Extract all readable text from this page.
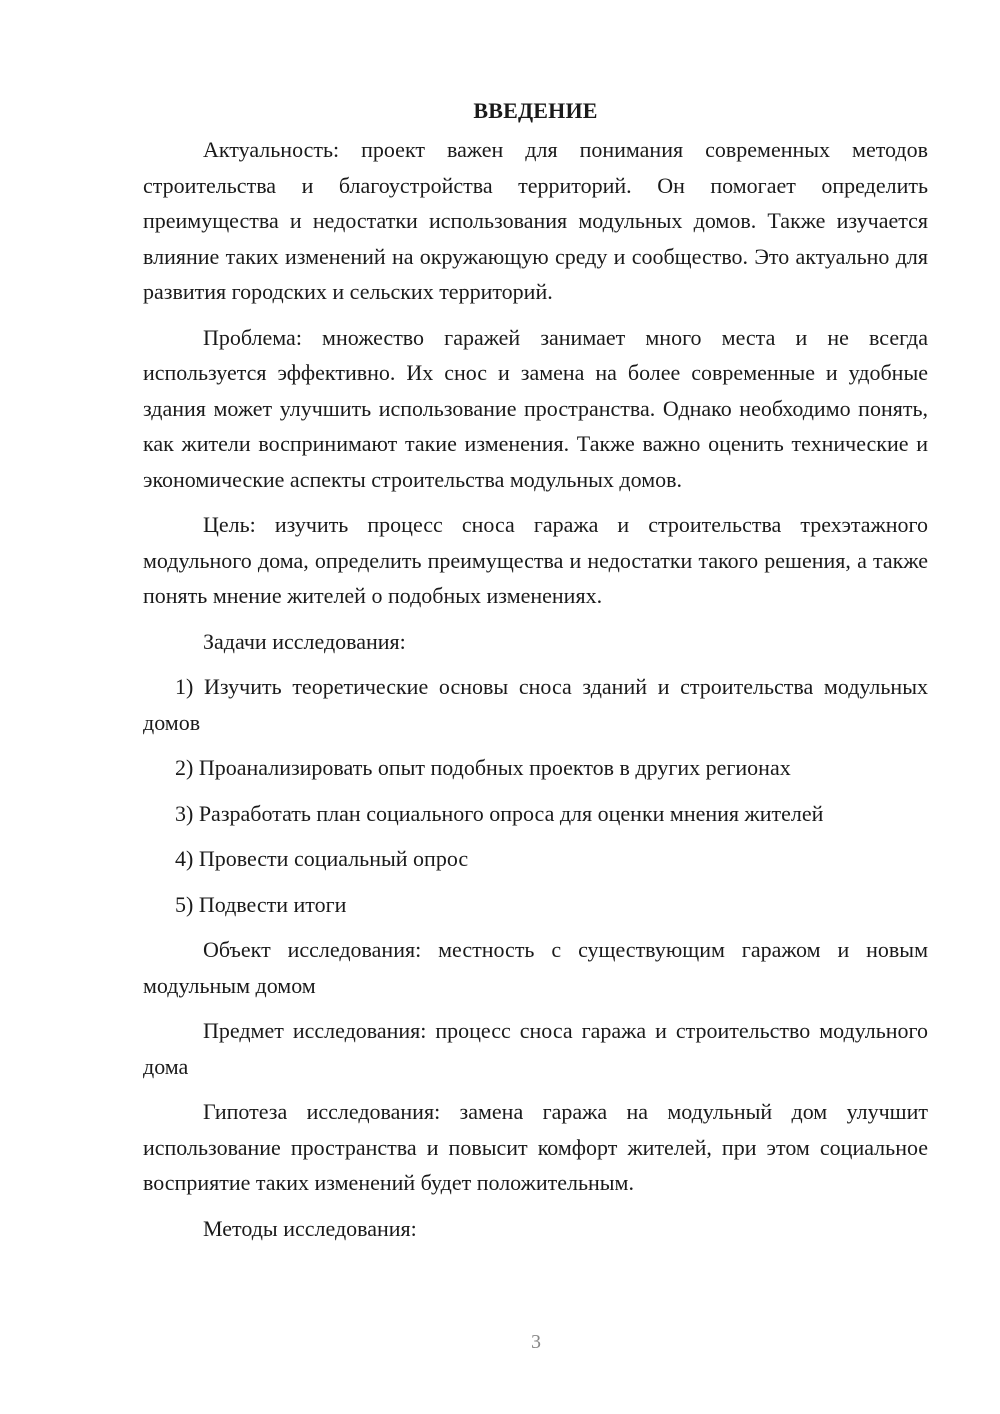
ВВЕДЕНИЕ

Актуальность: проект важен для понимания современных методов строительства и благоустройства территорий. Он помогает определить преимущества и недостатки использования модульных домов. Также изучается влияние таких изменений на окружающую среду и сообщество. Это актуально для развития городских и сельских территорий.

Проблема: множество гаражей занимает много места и не всегда используется эффективно. Их снос и замена на более современные и удобные здания может улучшить использование пространства. Однако необходимо понять, как жители воспринимают такие изменения. Также важно оценить технические и экономические аспекты строительства модульных домов.

Цель: изучить процесс сноса гаража и строительства трехэтажного модульного дома, определить преимущества и недостатки такого решения, а также понять мнение жителей о подобных изменениях.

Задачи исследования:

1) Изучить теоретические основы сноса зданий и строительства модульных домов

2) Проанализировать опыт подобных проектов в других регионах

3) Разработать план социального опроса для оценки мнения жителей

4) Провести социальный опрос

5) Подвести итоги

Объект исследования: местность с существующим гаражом и новым модульным домом

Предмет исследования: процесс сноса гаража и строительство модульного дома

Гипотеза исследования: замена гаража на модульный дом улучшит использование пространства и повысит комфорт жителей, при этом социальное восприятие таких изменений будет положительным.

Методы исследования:

3
